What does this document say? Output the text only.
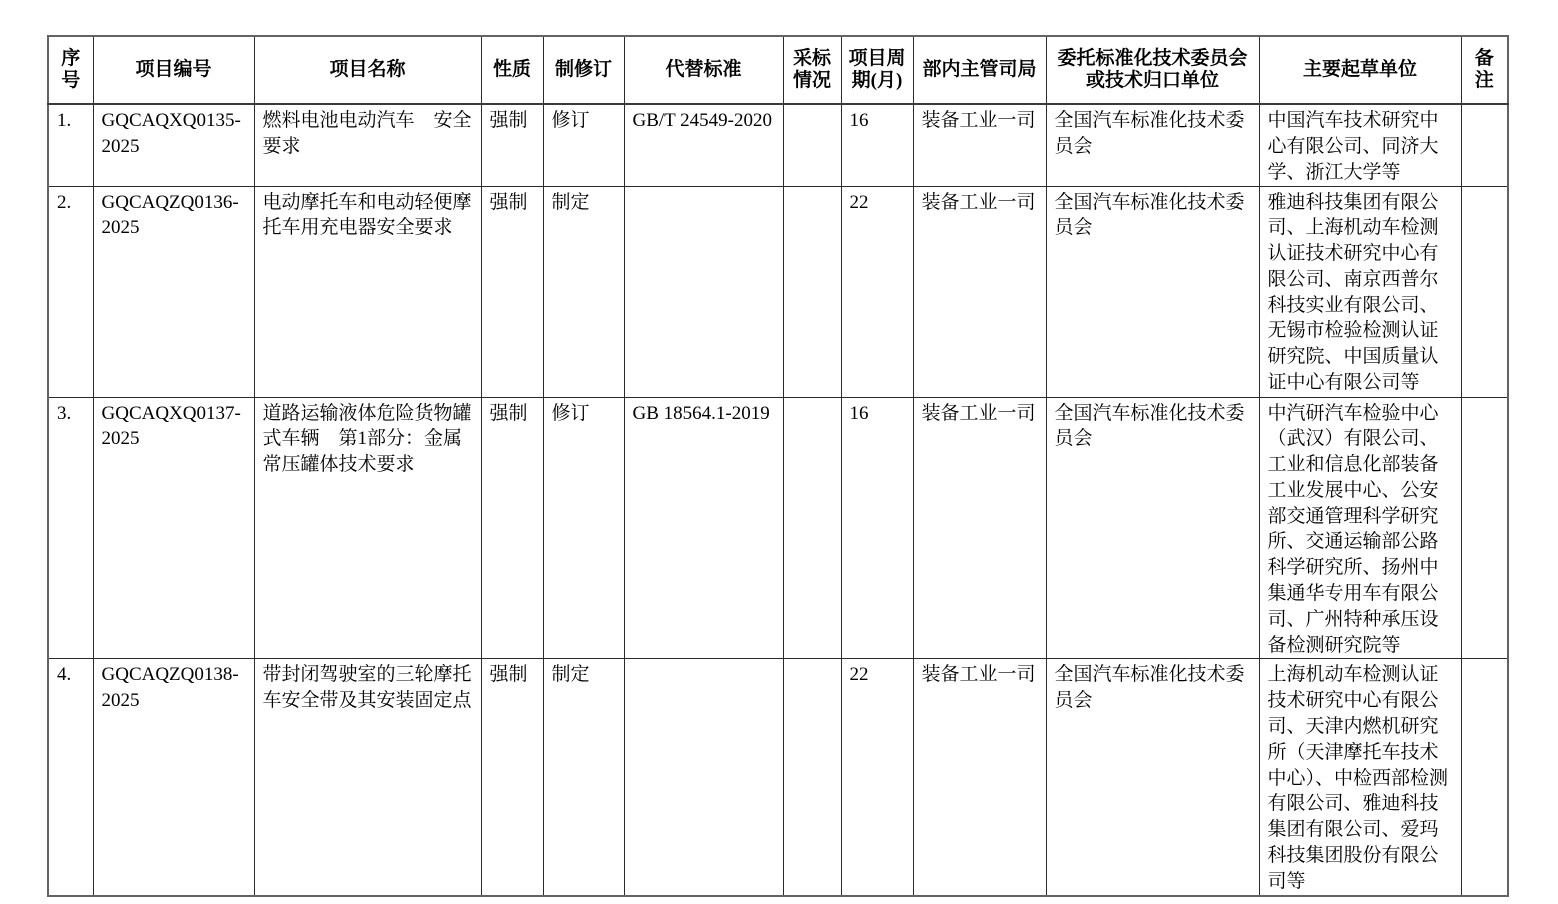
序号	项目编号	项目名称	性质	制修订	代替标准	采标情况	项目周期(月)	部内主管司局	委托标准化技术委员会或技术归口单位	主要起草单位	备注
1.	GQCAQXQ0135-2025	燃料电池电动汽车　安全要求	强制	修订	GB/T 24549-2020		16	装备工业一司	全国汽车标准化技术委员会	中国汽车技术研究中心有限公司、同济大学、浙江大学等	
2.	GQCAQZQ0136-2025	电动摩托车和电动轻便摩托车用充电器安全要求	强制	制定			22	装备工业一司	全国汽车标准化技术委员会	雅迪科技集团有限公司、上海机动车检测认证技术研究中心有限公司、南京西普尔科技实业有限公司、无锡市检验检测认证研究院、中国质量认证中心有限公司等	
3.	GQCAQXQ0137-2025	道路运输液体危险货物罐式车辆　第1部分：金属常压罐体技术要求	强制	修订	GB 18564.1-2019		16	装备工业一司	全国汽车标准化技术委员会	中汽研汽车检验中心（武汉）有限公司、工业和信息化部装备工业发展中心、公安部交通管理科学研究所、交通运输部公路科学研究所、扬州中集通华专用车有限公司、广州特种承压设备检测研究院等	
4.	GQCAQZQ0138-2025	带封闭驾驶室的三轮摩托车安全带及其安装固定点	强制	制定			22	装备工业一司	全国汽车标准化技术委员会	上海机动车检测认证技术研究中心有限公司、天津内燃机研究所（天津摩托车技术中心）、中检西部检测有限公司、雅迪科技集团有限公司、爱玛科技集团股份有限公司等	
